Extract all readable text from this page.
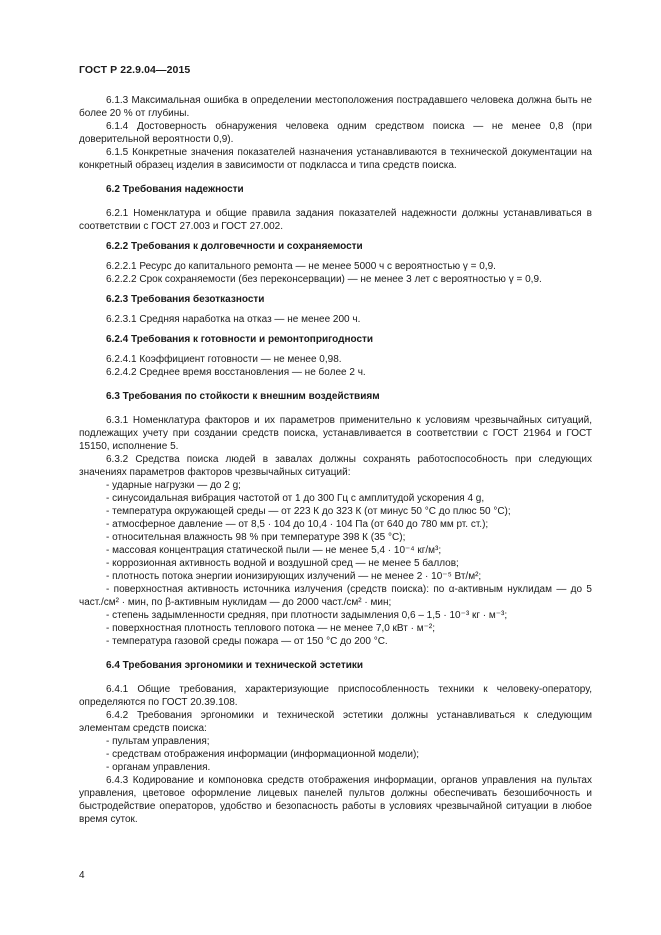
ГОСТ Р 22.9.04—2015

6.1.3 Максимальная ошибка в определении местоположения пострадавшего человека должна быть не более 20 % от глубины.

6.1.4 Достоверность обнаружения человека одним средством поиска — не менее 0,8 (при доверительной вероятности 0,9).

6.1.5 Конкретные значения показателей назначения устанавливаются в технической документации на конкретный образец изделия в зависимости от подкласса и типа средств поиска.

6.2 Требования надежности

6.2.1 Номенклатура и общие правила задания показателей надежности должны устанавливаться в соответствии с ГОСТ 27.003 и ГОСТ 27.002.

6.2.2 Требования к долговечности и сохраняемости

6.2.2.1 Ресурс до капитального ремонта — не менее 5000 ч с вероятностью γ = 0,9.

6.2.2.2 Срок сохраняемости (без переконсервации) — не менее 3 лет с вероятностью γ = 0,9.

6.2.3 Требования безотказности

6.2.3.1 Средняя наработка на отказ — не менее 200 ч.

6.2.4 Требования к готовности и ремонтопригодности

6.2.4.1 Коэффициент готовности — не менее 0,98.

6.2.4.2 Среднее время восстановления — не более 2 ч.

6.3 Требования по стойкости к внешним воздействиям

6.3.1 Номенклатура факторов и их параметров применительно к условиям чрезвычайных ситуаций, подлежащих учету при создании средств поиска, устанавливается в соответствии с ГОСТ 21964 и ГОСТ 15150, исполнение 5.

6.3.2 Средства поиска людей в завалах должны сохранять работоспособность при следующих значениях параметров факторов чрезвычайных ситуаций:

- ударные нагрузки — до 2 g;

- синусоидальная вибрация частотой от 1 до 300 Гц с амплитудой ускорения 4 g,

- температура окружающей среды — от 223 К до 323 К (от минус 50 °С до плюс 50 °С);

- атмосферное давление — от 8,5 · 104 до 10,4 · 104 Па (от 640 до 780 мм рт. ст.);

- относительная влажность 98 % при температуре 398 К (35 °С);

- массовая концентрация статической пыли — не менее 5,4 · 10⁻⁴ кг/м³;

- коррозионная активность водной и воздушной сред — не менее 5 баллов;

- плотность потока энергии ионизирующих излучений — не менее 2 · 10⁻⁵ Вт/м²;

- поверхностная активность источника излучения (средств поиска): по α-активным нуклидам — до 5 част./см² · мин, по β-активным нуклидам — до 2000 част./см² · мин;

- степень задымленности средняя, при плотности задымления 0,6 – 1,5 · 10⁻³ кг · м⁻³;

- поверхностная плотность теплового потока — не менее 7,0 кВт · м⁻²;

- температура газовой среды пожара — от 150 °С до 200 °С.

6.4 Требования эргономики и технической эстетики

6.4.1 Общие требования, характеризующие приспособленность техники к человеку-оператору, определяются по ГОСТ 20.39.108.

6.4.2 Требования эргономики и технической эстетики должны устанавливаться к следующим элементам средств поиска:

- пультам управления;

- средствам отображения информации (информационной модели);

- органам управления.

6.4.3 Кодирование и компоновка средств отображения информации, органов управления на пультах управления, цветовое оформление лицевых панелей пультов должны обеспечивать безошибочность и быстродействие операторов, удобство и безопасность работы в условиях чрезвычайной ситуации в любое время суток.

4
